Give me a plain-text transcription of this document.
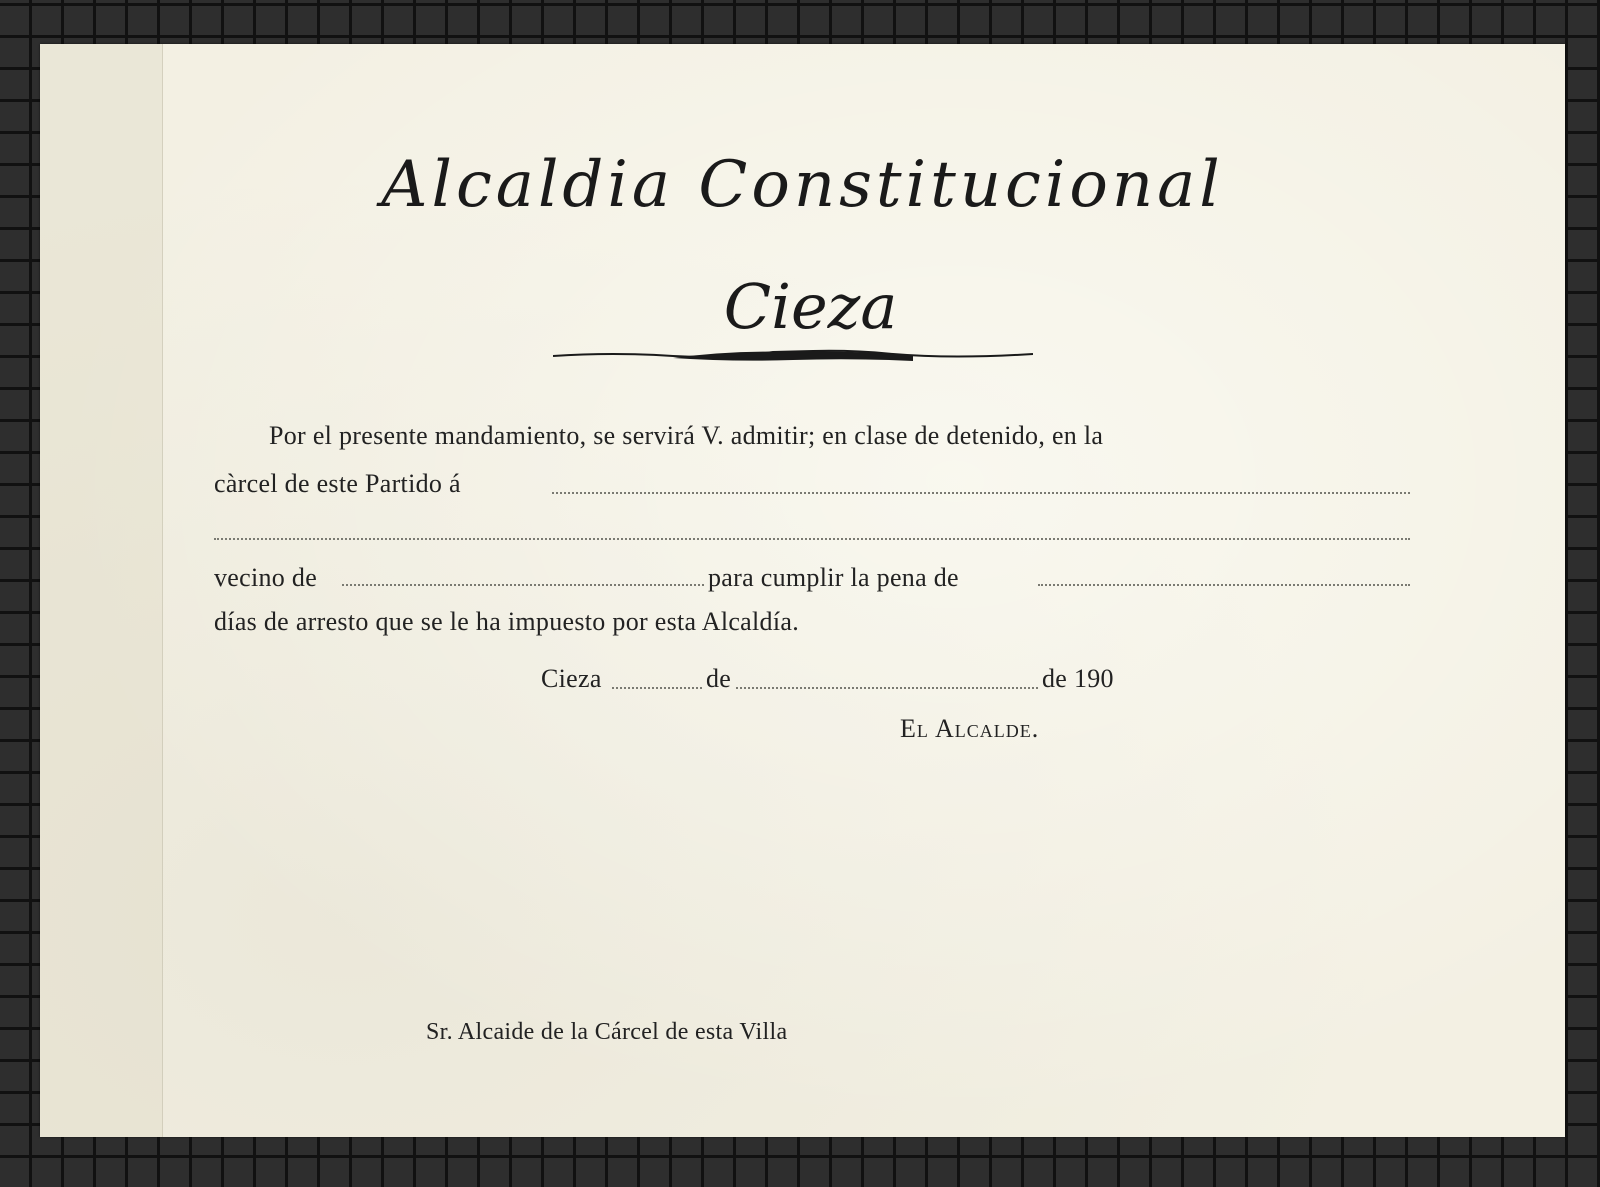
Alcaldia Constitucional
Cieza
Por el presente mandamiento, se servirá V. admitir; en clase de detenido, en la
càrcel de este Partido á
vecino de	para cumplir la pena de
días de arresto que se le ha impuesto por esta Alcaldía.
Cieza	de	de 190
El Alcalde.
Sr. Alcaide de la Cárcel de esta Villa
